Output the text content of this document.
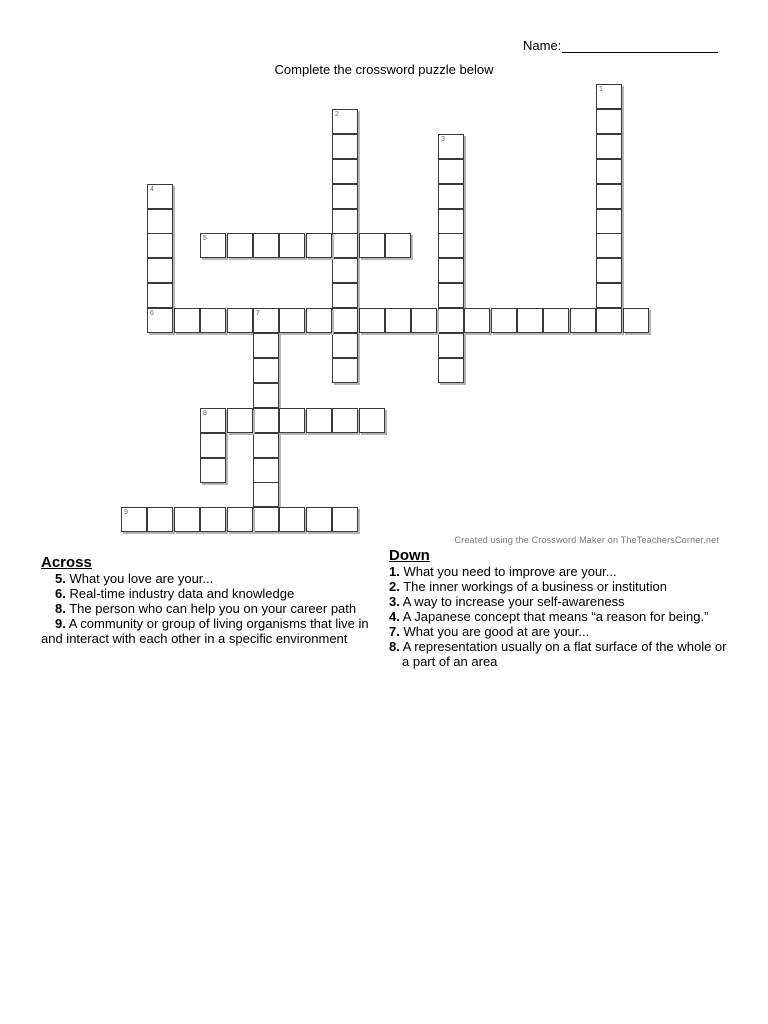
Name:
Complete the crossword puzzle below
1
2
3
4
5
6	7
8
9
Created using the Crossword Maker on TheTeachersCorner.net
Across

5. What you love are your...

6. Real-time industry data and knowledge

8. The person who can help you on your career path

9. A community or group of living organisms that live in and interact with each other in a specific environment

Down

1. What you need to improve are your...

2. The inner workings of a business or institution

3. A way to increase your self-awareness

4. A Japanese concept that means “a reason for being.”

7. What you are good at are your...

8. A representation usually on a flat surface of the whole or a part of an area
